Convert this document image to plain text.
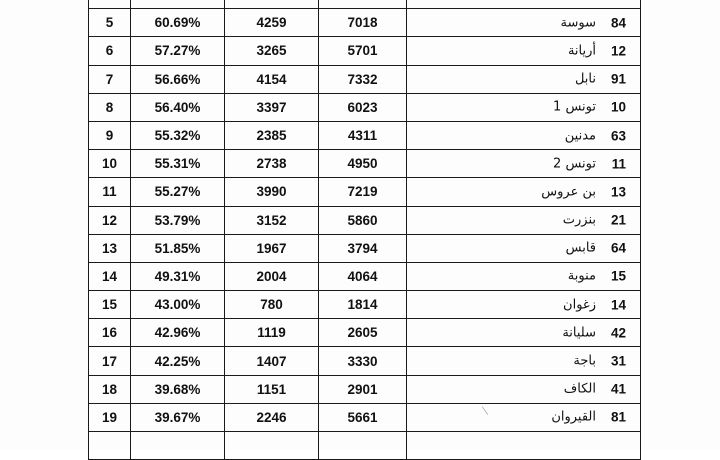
5	60.69%	4259	7018	سوسة 84

6	57.27%	3265	5701	أريانة 12

7	56.66%	4154	7332	نابل 91

8	56.40%	3397	6023	تونس 1 10

9	55.32%	2385	4311	مدنين 63

10	55.31%	2738	4950	تونس 2 11

11	55.27%	3990	7219	بن عروس 13

12	53.79%	3152	5860	بنزرت 21

13	51.85%	1967	3794	قابس 64

14	49.31%	2004	4064	منوبة 15

15	43.00%	780	1814	زغوان 14

16	42.96%	1119	2605	سليانة 42

17	42.25%	1407	3330	باجة 31

18	39.68%	1151	2901	الكاف 41

19	39.67%	2246	5661	القيروان 81
